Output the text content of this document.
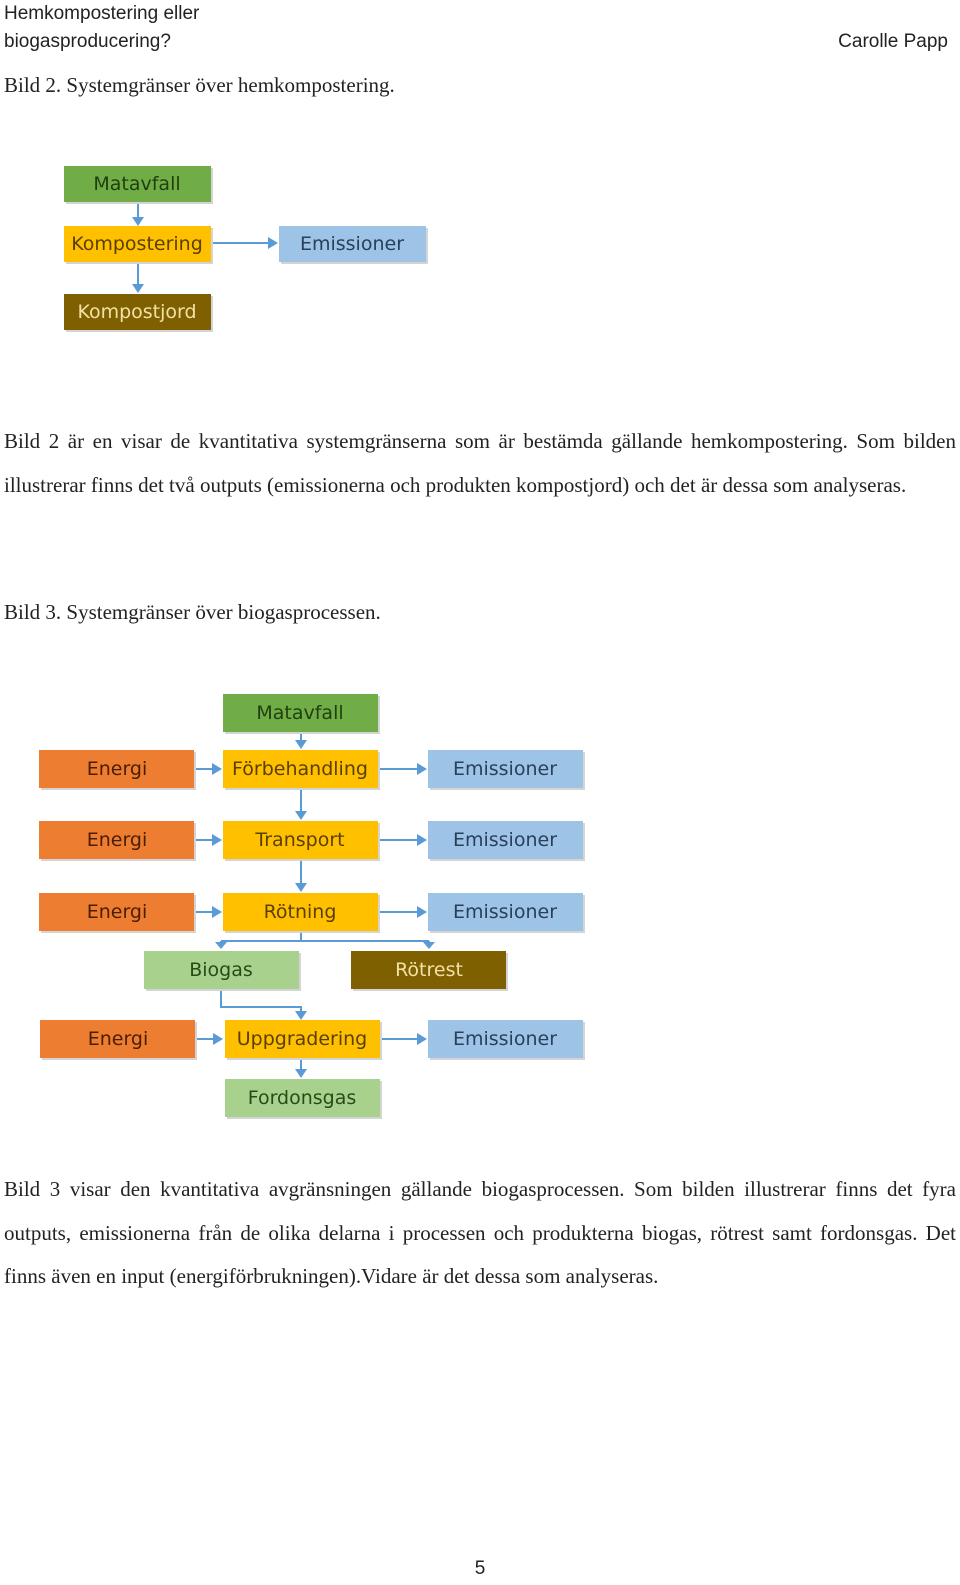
Hemkompostering eller biogasproducering?	Carolle Papp
Bild 2. Systemgränser över hemkompostering.
Matavfall
Kompostering	Emissioner
Kompostjord

Bild 2 är en visar de kvantitativa systemgränserna som är bestämda gällande hemkompostering. Som bilden illustrerar finns det två outputs (emissionerna och produkten kompostjord) och det är dessa som analyseras.

Bild 3. Systemgränser över biogasprocessen.
Matavfall
Energi	Förbehandling	Emissioner
Energi	Transport	Emissioner
Energi	Rötning	Emissioner
Biogas	Rötrest
Energi	Uppgradering	Emissioner
Fordonsgas

Bild 3 visar den kvantitativa avgränsningen gällande biogasprocessen. Som bilden illustrerar finns det fyra outputs, emissionerna från de olika delarna i processen och produkterna biogas, rötrest samt fordonsgas. Det finns även en input (energiförbrukningen).Vidare är det dessa som analyseras.

5
